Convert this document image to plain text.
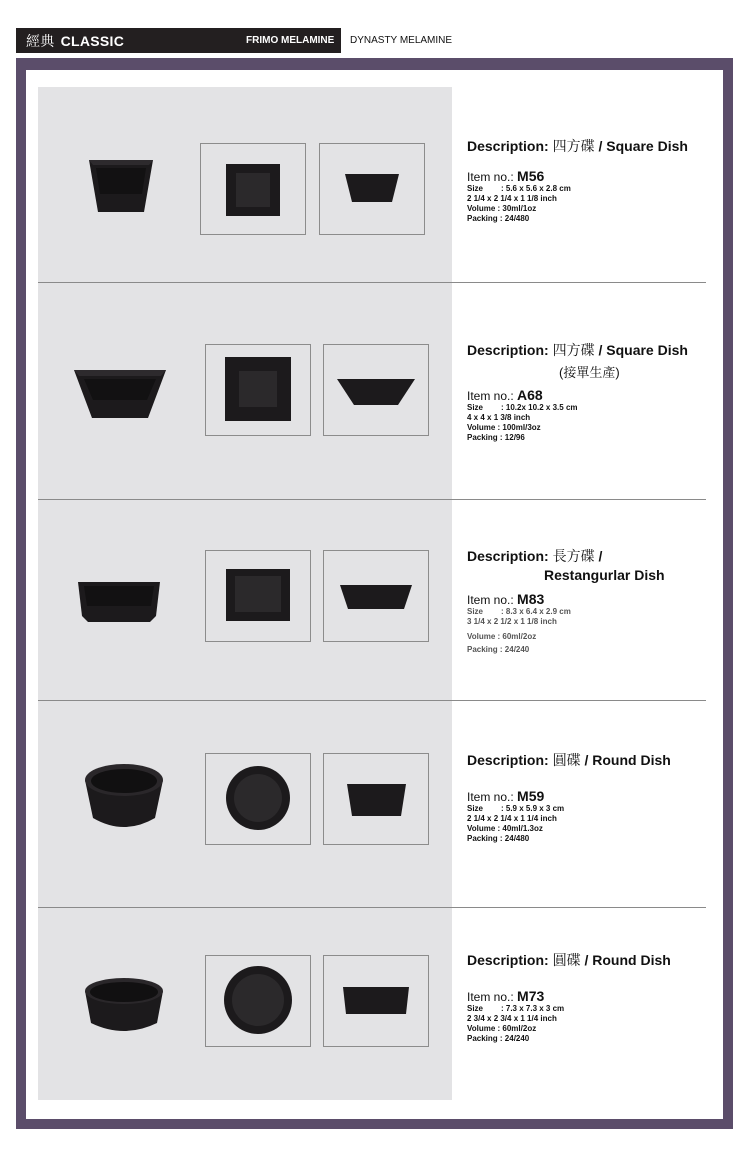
經典 CLASSIC	FRIMO MELAMINE DYNASTY MELAMINE
Description: 四方碟 / Square Dish
Item no.: M56
Size : 5.6 x 5.6 x 2.8 cm
2 1/4 x 2 1/4 x 1 1/8 inch
Volume : 30ml/1oz
Packing : 24/480
Description: 四方碟 / Square Dish
(接單生產)
Item no.: A68
Size : 10.2x 10.2 x 3.5 cm
4 x 4 x 1 3/8 inch
Volume : 100ml/3oz
Packing : 12/96
Description: 長方碟 /
Restangurlar Dish
Item no.: M83
Size : 8.3 x 6.4 x 2.9 cm
3 1/4 x 2 1/2 x 1 1/8 inch
Volume : 60ml/2oz
Packing : 24/240
Description: 圓碟 / Round Dish
Item no.: M59
Size : 5.9 x 5.9 x 3 cm
2 1/4 x 2 1/4 x 1 1/4 inch
Volume : 40ml/1.3oz
Packing : 24/480
Description: 圓碟 / Round Dish
Item no.: M73
Size : 7.3 x 7.3 x 3 cm
2 3/4 x 2 3/4 x 1 1/4 inch
Volume : 60ml/2oz
Packing : 24/240
